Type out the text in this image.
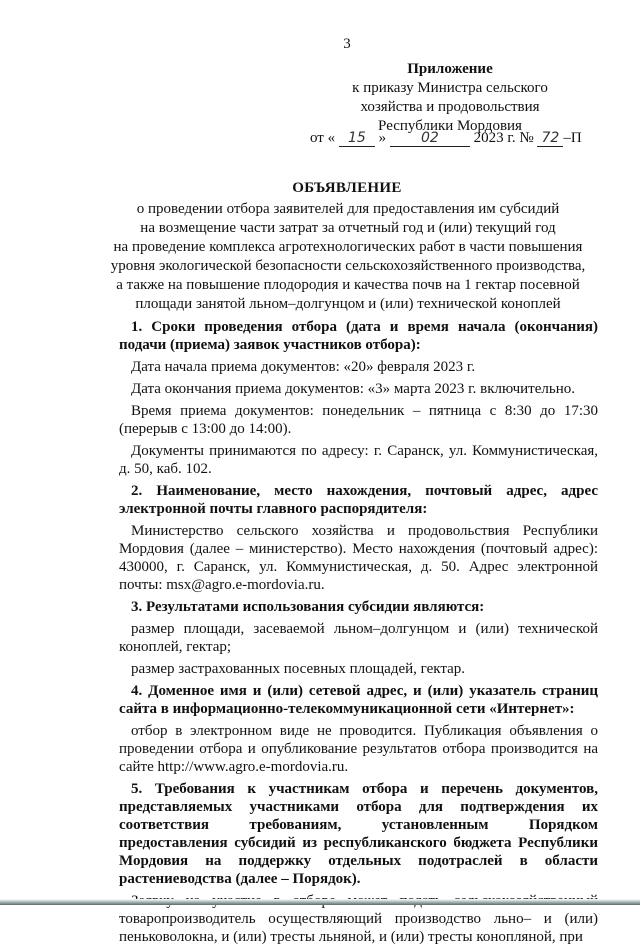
3
Приложение
к приказу Министра сельского
хозяйства и продовольствия
Республики Мордовия
от « 15 » 02 2023 г. № 72 –П
ОБЪЯВЛЕНИЕ
о проведении отбора заявителей для предоставления им субсидий
на возмещение части затрат за отчетный год и (или) текущий год
на проведение комплекса агротехнологических работ в части повышения
уровня экологической безопасности сельскохозяйственного производства,
а также на повышение плодородия и качества почв на 1 гектар посевной
площади занятой льном–долгунцом и (или) технической коноплей

1. Сроки проведения отбора (дата и время начала (окончания) подачи (приема) заявок участников отбора):

Дата начала приема документов: «20» февраля 2023 г.

Дата окончания приема документов: «3» марта 2023 г. включительно.

Время приема документов: понедельник – пятница с 8:30 до 17:30 (перерыв с 13:00 до 14:00).

Документы принимаются по адресу: г. Саранск, ул. Коммунистическая, д. 50, каб. 102.

2. Наименование, место нахождения, почтовый адрес, адрес электронной почты главного распорядителя:

Министерство сельского хозяйства и продовольствия Республики Мордовия (далее – министерство). Место нахождения (почтовый адрес): 430000, г. Саранск, ул. Коммунистическая, д. 50. Адрес электронной почты: msx@agro.e-mordovia.ru.

3. Результатами использования субсидии являются:

размер площади, засеваемой льном–долгунцом и (или) технической коноплей, гектар;

размер застрахованных посевных площадей, гектар.

4. Доменное имя и (или) сетевой адрес, и (или) указатель страниц сайта в информационно-телекоммуникационной сети «Интернет»:

отбор в электронном виде не проводится. Публикация объявления о проведении отбора и опубликование результатов отбора производится на сайте http://www.agro.e-mordovia.ru.

5. Требования к участникам отбора и перечень документов, представляемых участниками отбора для подтверждения их соответствия требованиям, установленным Порядком предоставления субсидий из республиканского бюджета Республики Мордовия на поддержку отдельных подотраслей в области растениеводства (далее – Порядок).

товаропроизводитель осуществляющий производство льно– и (или) пеньковолокна, и (или) тресты льняной, и (или) тресты конопляной, при
